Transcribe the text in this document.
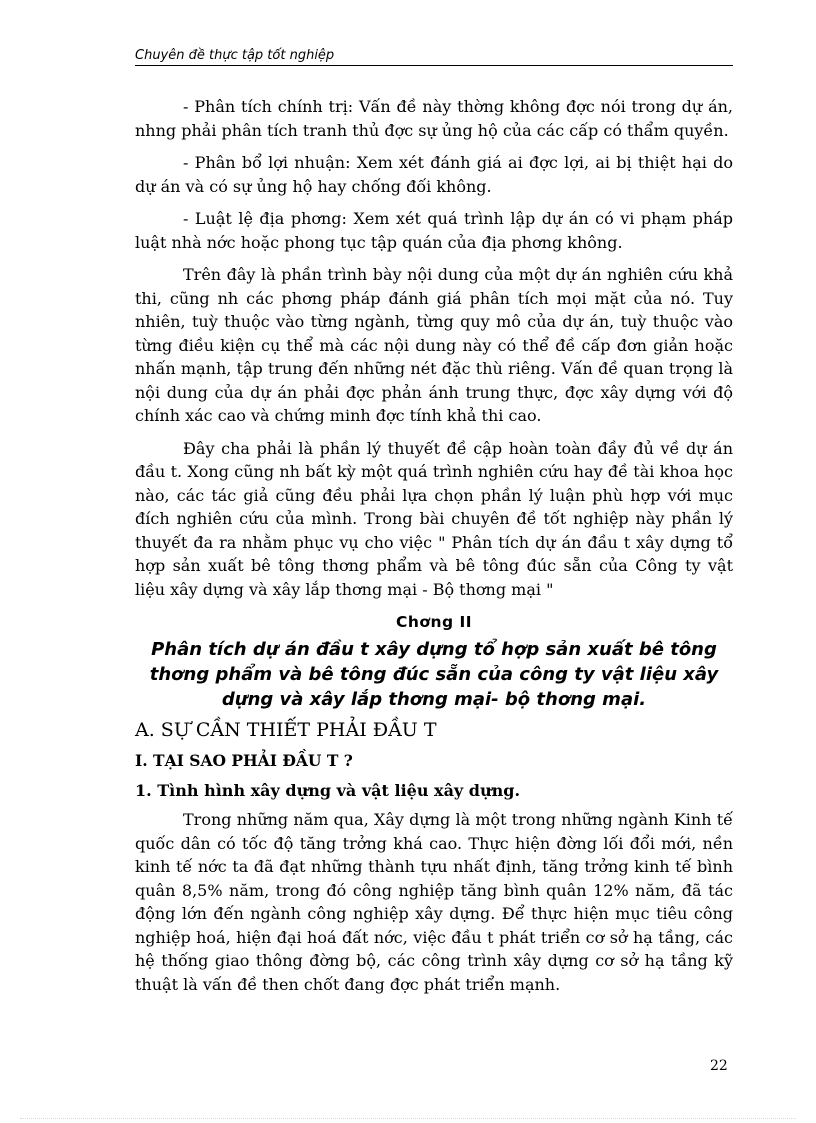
Chuyên đề thực tập tốt nghiệp

- Phân tích chính trị: Vấn đề này thờng không đợc nói trong dự án, nhng phải phân tích tranh thủ đợc sự ủng hộ của các cấp có thẩm quyền.

- Phân bổ lợi nhuận: Xem xét đánh giá ai đợc lợi, ai bị thiệt hại do dự án và có sự ủng hộ hay chống đối không.

- Luật lệ địa phơng: Xem xét quá trình lập dự án có vi phạm pháp luật nhà nớc hoặc phong tục tập quán của địa phơng không.

Trên đây là phần trình bày nội dung của một dự án nghiên cứu khả thi, cũng nh các phơng pháp đánh giá phân tích mọi mặt của nó. Tuy nhiên, tuỳ thuộc vào từng ngành, từng quy mô của dự án, tuỳ thuộc vào từng điều kiện cụ thể mà các nội dung này có thể đề cấp đơn giản hoặc nhấn mạnh, tập trung đến những nét đặc thù riêng. Vấn đề quan trọng là nội dung của dự án phải đợc phản ánh trung thực, đợc xây dựng với độ chính xác cao và chứng minh đợc tính khả thi cao.

Đây cha phải là phần lý thuyết đề cập hoàn toàn đầy đủ về dự án đầu t. Xong cũng nh bất kỳ một quá trình nghiên cứu hay đề tài khoa học nào, các tác giả cũng đều phải lựa chọn phần lý luận phù hợp với mục đích nghiên cứu của mình. Trong bài chuyên đề tốt nghiệp này phần lý thuyết đa ra nhằm phục vụ cho việc " Phân tích dự án đầu t xây dựng tổ hợp sản xuất bê tông thơng phẩm và bê tông đúc sẵn của Công ty vật liệu xây dựng và xây lắp thơng mại - Bộ thơng mại "

Chơng II
Phân tích dự án đầu t xây dựng tổ hợp sản xuất bê tông thơng phẩm và bê tông đúc sẵn của công ty vật liệu xây dựng và xây lắp thơng mại- bộ thơng mại.
A. SỰ CẦN THIẾT PHẢI ĐẦU T
I. TẠI SAO PHẢI ĐẦU T ?
1. Tình hình xây dựng và vật liệu xây dựng.

Trong những năm qua, Xây dựng là một trong những ngành Kinh tế quốc dân có tốc độ tăng trởng khá cao. Thực hiện đờng lối đổi mới, nền kinh tế nớc ta đã đạt những thành tựu nhất định, tăng trởng kinh tế bình quân 8,5% năm, trong đó công nghiệp tăng bình quân 12% năm, đã tác động lớn đến ngành công nghiệp xây dựng. Để thực hiện mục tiêu công nghiệp hoá, hiện đại hoá đất nớc, việc đầu t phát triển cơ sở hạ tầng, các hệ thống giao thông đờng bộ, các công trình xây dựng cơ sở hạ tầng kỹ thuật là vấn đề then chốt đang đợc phát triển mạnh.

22
